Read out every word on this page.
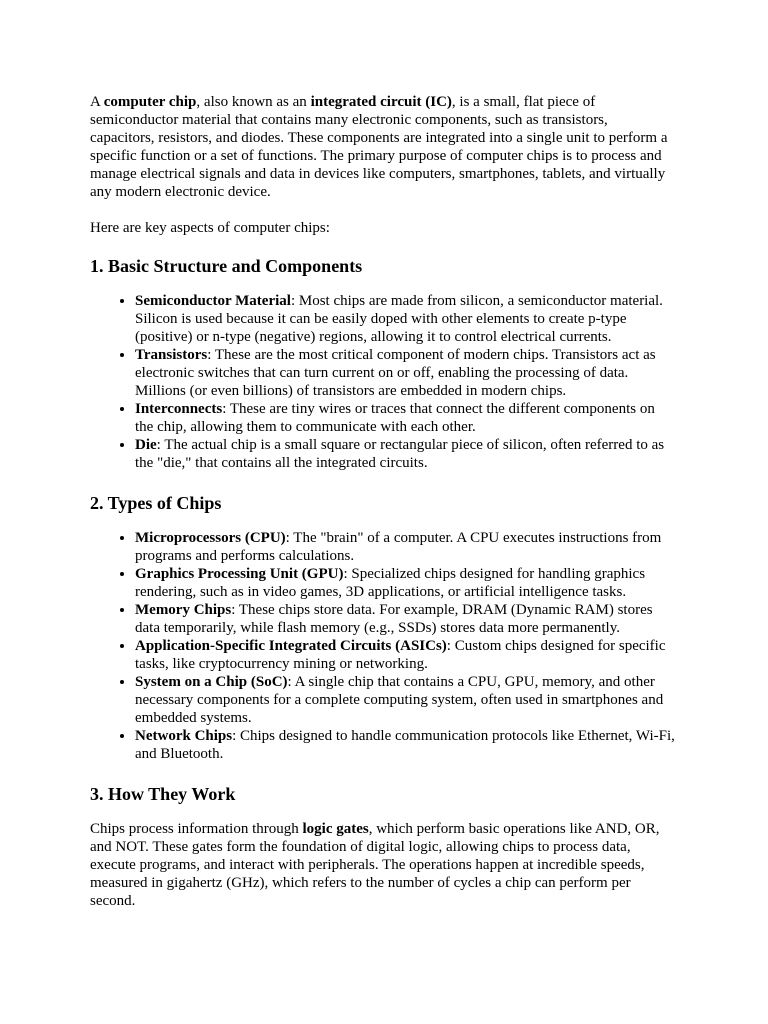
A computer chip, also known as an integrated circuit (IC), is a small, flat piece of semiconductor material that contains many electronic components, such as transistors, capacitors, resistors, and diodes. These components are integrated into a single unit to perform a specific function or a set of functions. The primary purpose of computer chips is to process and manage electrical signals and data in devices like computers, smartphones, tablets, and virtually any modern electronic device.

Here are key aspects of computer chips:

1. Basic Structure and Components
• Semiconductor Material: Most chips are made from silicon, a semiconductor material. Silicon is used because it can be easily doped with other elements to create p-type (positive) or n-type (negative) regions, allowing it to control electrical currents.
• Transistors: These are the most critical component of modern chips. Transistors act as electronic switches that can turn current on or off, enabling the processing of data. Millions (or even billions) of transistors are embedded in modern chips.
• Interconnects: These are tiny wires or traces that connect the different components on the chip, allowing them to communicate with each other.
• Die: The actual chip is a small square or rectangular piece of silicon, often referred to as the "die," that contains all the integrated circuits.
2. Types of Chips
• Microprocessors (CPU): The "brain" of a computer. A CPU executes instructions from programs and performs calculations.
• Graphics Processing Unit (GPU): Specialized chips designed for handling graphics rendering, such as in video games, 3D applications, or artificial intelligence tasks.
• Memory Chips: These chips store data. For example, DRAM (Dynamic RAM) stores data temporarily, while flash memory (e.g., SSDs) stores data more permanently.
• Application-Specific Integrated Circuits (ASICs): Custom chips designed for specific tasks, like cryptocurrency mining or networking.
• System on a Chip (SoC): A single chip that contains a CPU, GPU, memory, and other necessary components for a complete computing system, often used in smartphones and embedded systems.
• Network Chips: Chips designed to handle communication protocols like Ethernet, Wi-Fi, and Bluetooth.
3. How They Work

Chips process information through logic gates, which perform basic operations like AND, OR, and NOT. These gates form the foundation of digital logic, allowing chips to process data, execute programs, and interact with peripherals. The operations happen at incredible speeds, measured in gigahertz (GHz), which refers to the number of cycles a chip can perform per second.
